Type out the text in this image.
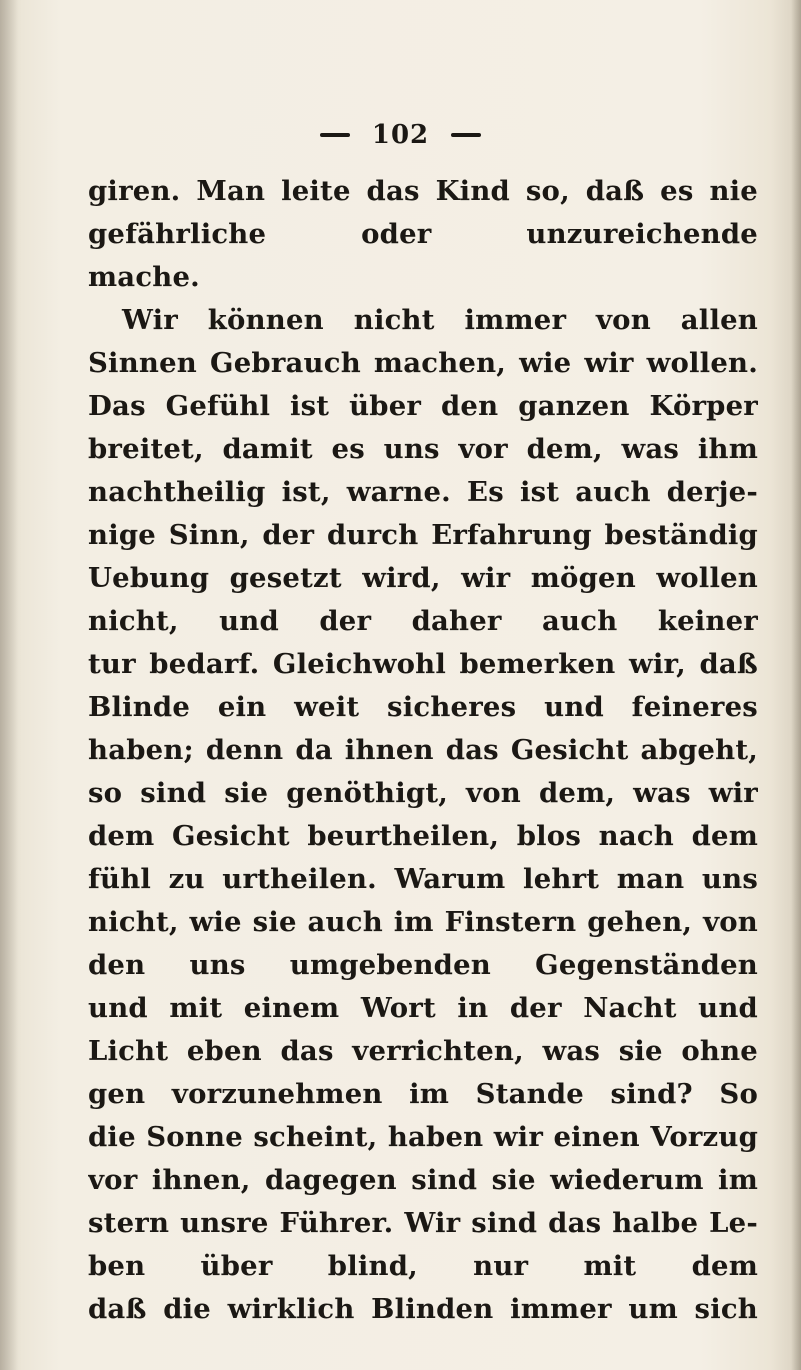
102
giren. Man leite das Kind so, daß es nie
gefährliche oder unzureichende
mache.
Wir können nicht immer von allen
Sinnen Gebrauch machen, wie wir wollen.
Das Gefühl ist über den ganzen Körper
breitet, damit es uns vor dem, was ihm
nachtheilig ist, warne. Es ist auch derje-
nige Sinn, der durch Erfahrung beständig
Uebung gesetzt wird, wir mögen wollen
nicht, und der daher auch keiner
tur bedarf. Gleichwohl bemerken wir, daß
Blinde ein weit sicheres und feineres
haben; denn da ihnen das Gesicht abgeht,
so sind sie genöthigt, von dem, was wir
dem Gesicht beurtheilen, blos nach dem
fühl zu urtheilen. Warum lehrt man uns
nicht, wie sie auch im Finstern gehen, von
den uns umgebenden Gegenständen
und mit einem Wort in der Nacht und
Licht eben das verrichten, was sie ohne
gen vorzunehmen im Stande sind? So
die Sonne scheint, haben wir einen Vorzug
vor ihnen, dagegen sind sie wiederum im
stern unsre Führer. Wir sind das halbe Le-
ben über blind, nur mit dem
daß die wirklich Blinden immer um sich
